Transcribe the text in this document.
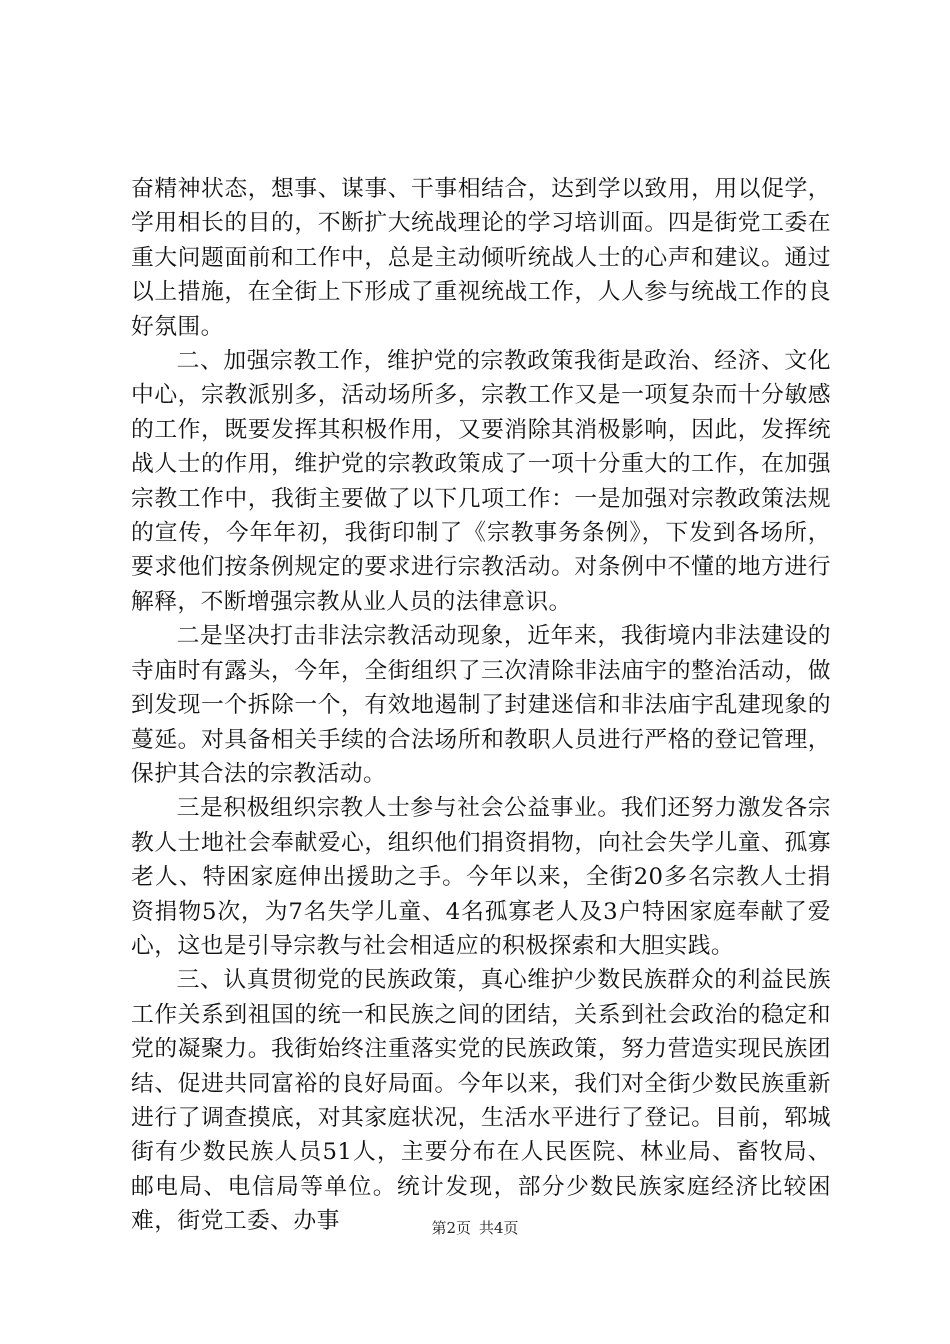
奋精神状态，想事、谋事、干事相结合，达到学以致用，用以促学，学用相长的目的，不断扩大统战理论的学习培训面。四是街党工委在重大问题面前和工作中，总是主动倾听统战人士的心声和建议。通过以上措施，在全街上下形成了重视统战工作，人人参与统战工作的良好氛围。

二、加强宗教工作，维护党的宗教政策我街是政治、经济、文化中心，宗教派别多，活动场所多，宗教工作又是一项复杂而十分敏感的工作，既要发挥其积极作用，又要消除其消极影响，因此，发挥统战人士的作用，维护党的宗教政策成了一项十分重大的工作，在加强宗教工作中，我街主要做了以下几项工作：一是加强对宗教政策法规的宣传，今年年初，我街印制了《宗教事务条例》，下发到各场所，要求他们按条例规定的要求进行宗教活动。对条例中不懂的地方进行解释，不断增强宗教从业人员的法律意识。

二是坚决打击非法宗教活动现象，近年来，我街境内非法建设的寺庙时有露头，今年，全街组织了三次清除非法庙宇的整治活动，做到发现一个拆除一个，有效地遏制了封建迷信和非法庙宇乱建现象的蔓延。对具备相关手续的合法场所和教职人员进行严格的登记管理，保护其合法的宗教活动。

三是积极组织宗教人士参与社会公益事业。我们还努力激发各宗教人士地社会奉献爱心，组织他们捐资捐物，向社会失学儿童、孤寡老人、特困家庭伸出援助之手。今年以来，全街20多名宗教人士捐资捐物5次，为7名失学儿童、4名孤寡老人及3户特困家庭奉献了爱心，这也是引导宗教与社会相适应的积极探索和大胆实践。

三、认真贯彻党的民族政策，真心维护少数民族群众的利益民族工作关系到祖国的统一和民族之间的团结，关系到社会政治的稳定和党的凝聚力。我街始终注重落实党的民族政策，努力营造实现民族团结、促进共同富裕的良好局面。今年以来，我们对全街少数民族重新进行了调查摸底，对其家庭状况，生活水平进行了登记。目前，郓城街有少数民族人员51人，主要分布在人民医院、林业局、畜牧局、邮电局、电信局等单位。统计发现，部分少数民族家庭经济比较困难，街党工委、办事	第2页 共4页
